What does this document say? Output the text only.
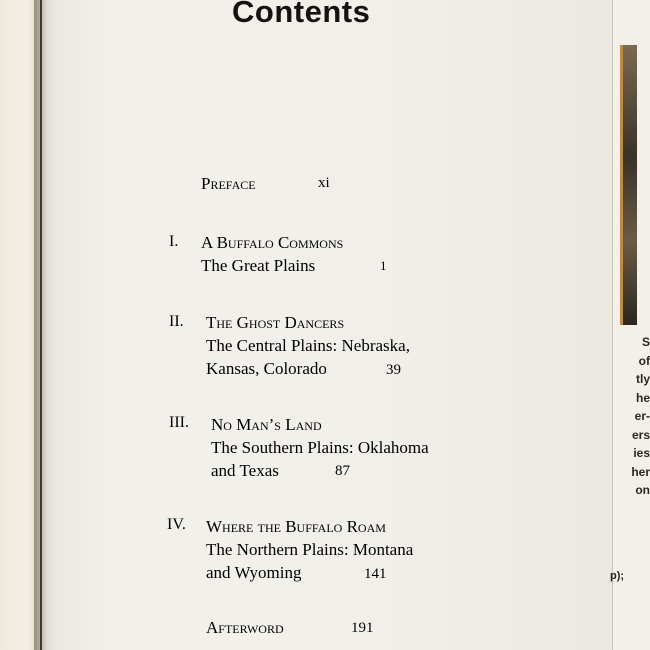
S
of
tly
he
er-
ers
ies
her
on
p);
Contents
Preface	xi
I. A Buffalo Commons
The Great Plains	1
II. The Ghost Dancers
The Central Plains: Nebraska,
Kansas, Colorado	39
III. No Man’s Land
The Southern Plains: Oklahoma
and Texas	87
IV. Where the Buffalo Roam
The Northern Plains: Montana
and Wyoming	141
Afterword	191
